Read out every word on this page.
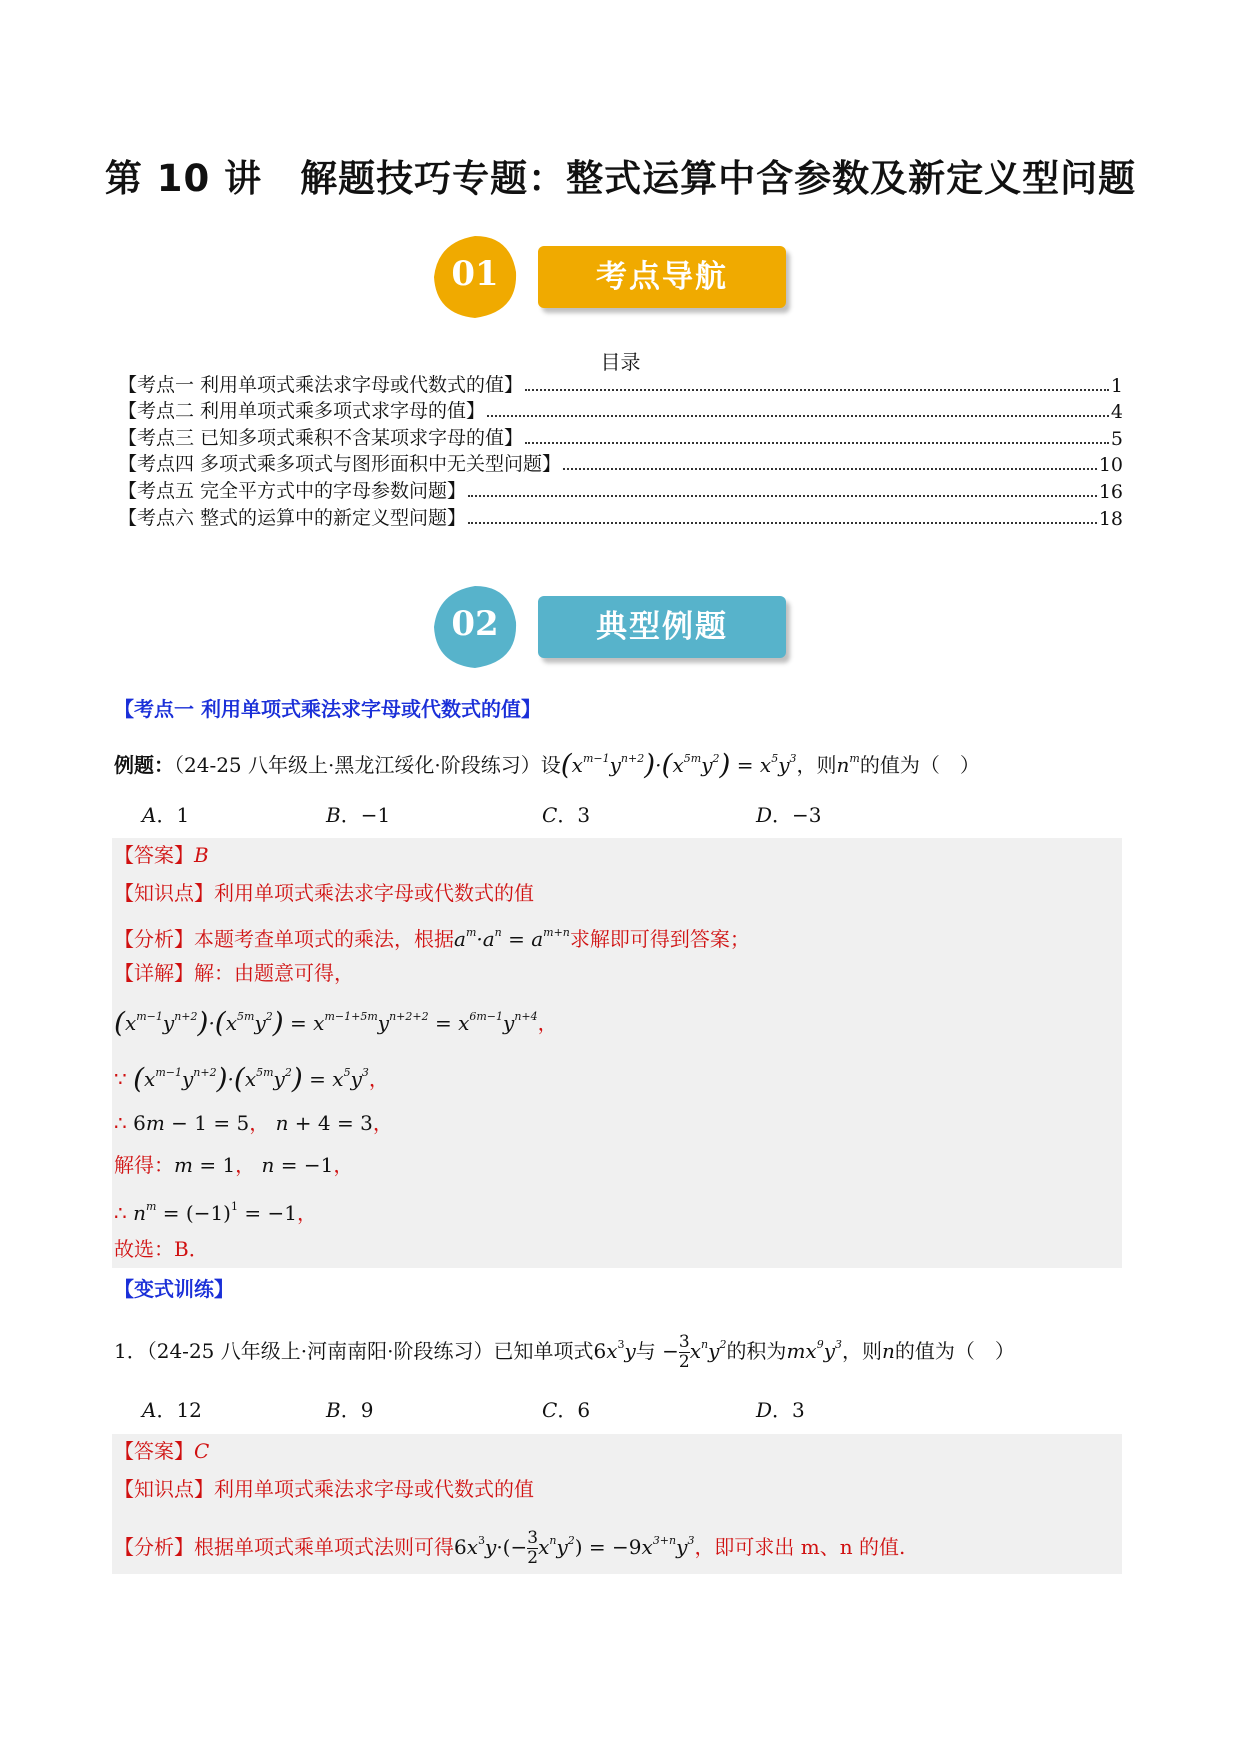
第 10 讲　解题技巧专题：整式运算中含参数及新定义型问题
01	考点导航
目录
【考点一 利用单项式乘法求字母或代数式的值】	1
【考点二 利用单项式乘多项式求字母的值】	4
【考点三 已知多项式乘积不含某项求字母的值】	5
【考点四 多项式乘多项式与图形面积中无关型问题】	10
【考点五 完全平方式中的字母参数问题】	16
【考点六 整式的运算中的新定义型问题】	18
02	典型例题
【考点一 利用单项式乘法求字母或代数式的值】
例题：（24-25 八年级上·黑龙江绥化·阶段练习）设$(x^{m-1}y^{n+2})\cdot(x^{5m}y^2) = x^5y^3$，则$n^m$的值为（　）
A．1	B．−1	C．3	D．−3
【答案】B
【知识点】利用单项式乘法求字母或代数式的值
【分析】本题考查单项式的乘法，根据$a^m\cdot a^n = a^{m+n}$求解即可得到答案；
【详解】解：由题意可得，
$(x^{m-1}y^{n+2})\cdot(x^{5m}y^2) = x^{m-1+5m}y^{n+2+2} = x^{6m-1}y^{n+4}$，
∵ $(x^{m-1}y^{n+2})\cdot(x^{5m}y^2) = x^5y^3$，
∴ 6m − 1 = 5， n + 4 = 3，
解得：m = 1， n = −1，
∴ $n^m = (-1)^1 = -1$，
故选：B．
【变式训练】
1．（24-25 八年级上·河南南阳·阶段练习）已知单项式$6x^3y$与 − $\frac{3}{2} x^ny^2$的积为$mx^9y^3$，则n的值为（　）
A．12	B．9	C．6	D．3
【答案】C
【知识点】利用单项式乘法求字母或代数式的值
【分析】根据单项式乘单项式法则可得$6x^3y\cdot(- \frac{3}{2} x^ny^2) = -9x^{3+n}y^3$，即可求出 m、n 的值.
